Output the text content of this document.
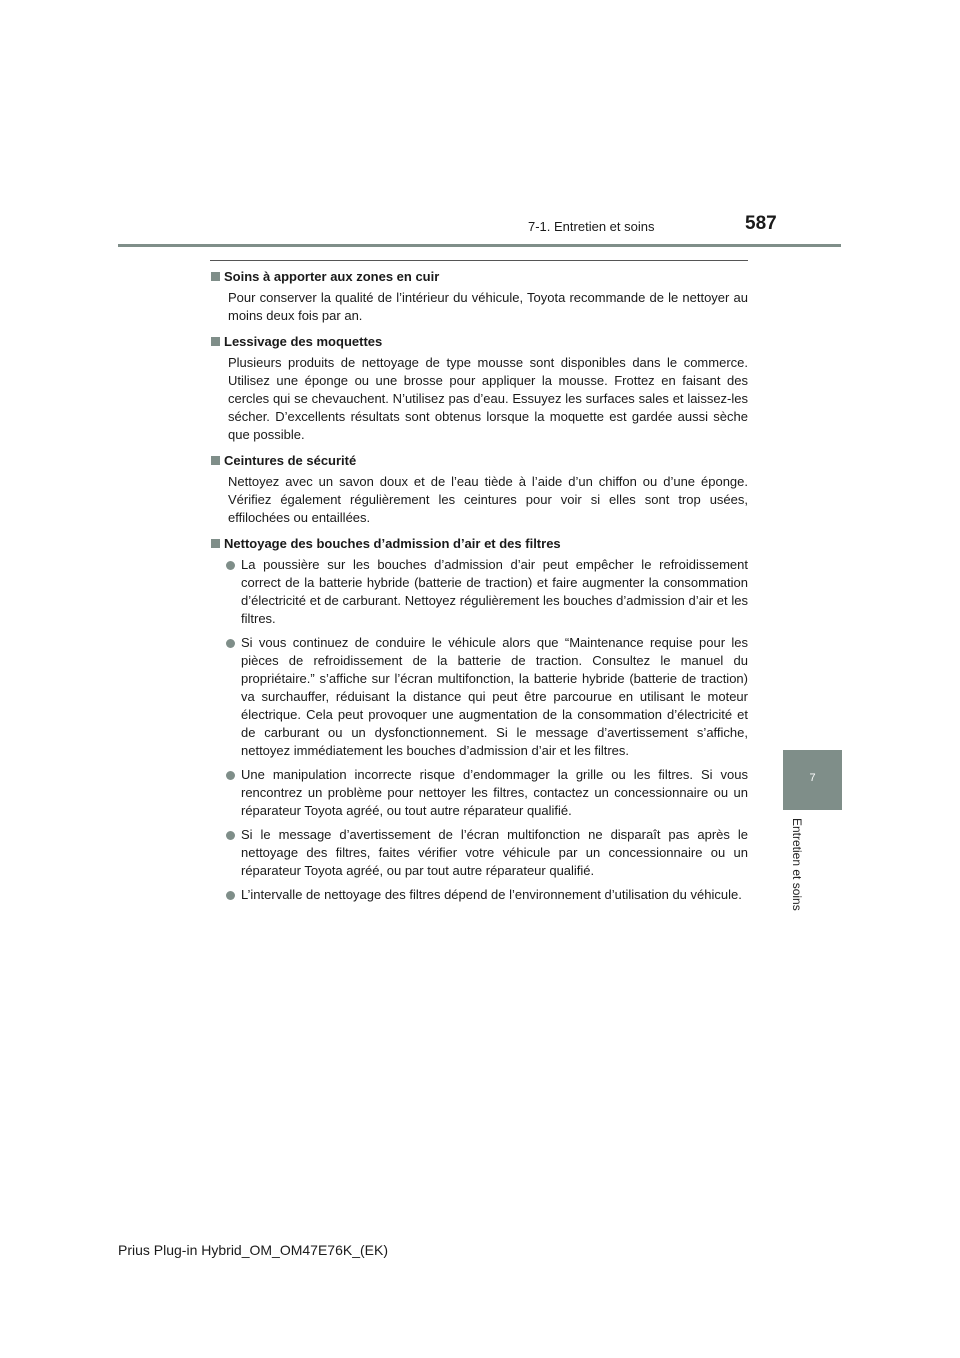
7-1. Entretien et soins	587
7
Entretien et soins
Soins à apporter aux zones en cuir
Pour conserver la qualité de l’intérieur du véhicule, Toyota recommande de le nettoyer au moins deux fois par an.
Lessivage des moquettes
Plusieurs produits de nettoyage de type mousse sont disponibles dans le commerce. Utilisez une éponge ou une brosse pour appliquer la mousse. Frottez en faisant des cercles qui se chevauchent. N’utilisez pas d’eau. Essuyez les surfaces sales et laissez-les sécher. D’excellents résultats sont obtenus lorsque la moquette est gardée aussi sèche que possible.
Ceintures de sécurité
Nettoyez avec un savon doux et de l’eau tiède à l’aide d’un chiffon ou d’une éponge. Vérifiez également régulièrement les ceintures pour voir si elles sont trop usées, effilochées ou entaillées.
Nettoyage des bouches d’admission d’air et des filtres
La poussière sur les bouches d’admission d’air peut empêcher le refroidissement correct de la batterie hybride (batterie de traction) et faire augmenter la consommation d’électricité et de carburant. Nettoyez régulièrement les bouches d’admission d’air et les filtres.
Si vous continuez de conduire le véhicule alors que “Maintenance requise pour les pièces de refroidissement de la batterie de traction. Consultez le manuel du propriétaire.” s’affiche sur l’écran multifonction, la batterie hybride (batterie de traction) va surchauffer, réduisant la distance qui peut être parcourue en utilisant le moteur électrique. Cela peut provoquer une augmentation de la consommation d’électricité et de carburant ou un dysfonctionnement. Si le message d’avertissement s’affiche, nettoyez immédiatement les bouches d’admission d’air et les filtres.
Une manipulation incorrecte risque d’endommager la grille ou les filtres. Si vous rencontrez un problème pour nettoyer les filtres, contactez un concessionnaire ou un réparateur Toyota agréé, ou tout autre réparateur qualifié.
Si le message d’avertissement de l’écran multifonction ne disparaît pas après le nettoyage des filtres, faites vérifier votre véhicule par un concessionnaire ou un réparateur Toyota agréé, ou par tout autre réparateur qualifié.
L’intervalle de nettoyage des filtres dépend de l’environnement d’utilisation du véhicule.
Prius Plug-in Hybrid_OM_OM47E76K_(EK)
